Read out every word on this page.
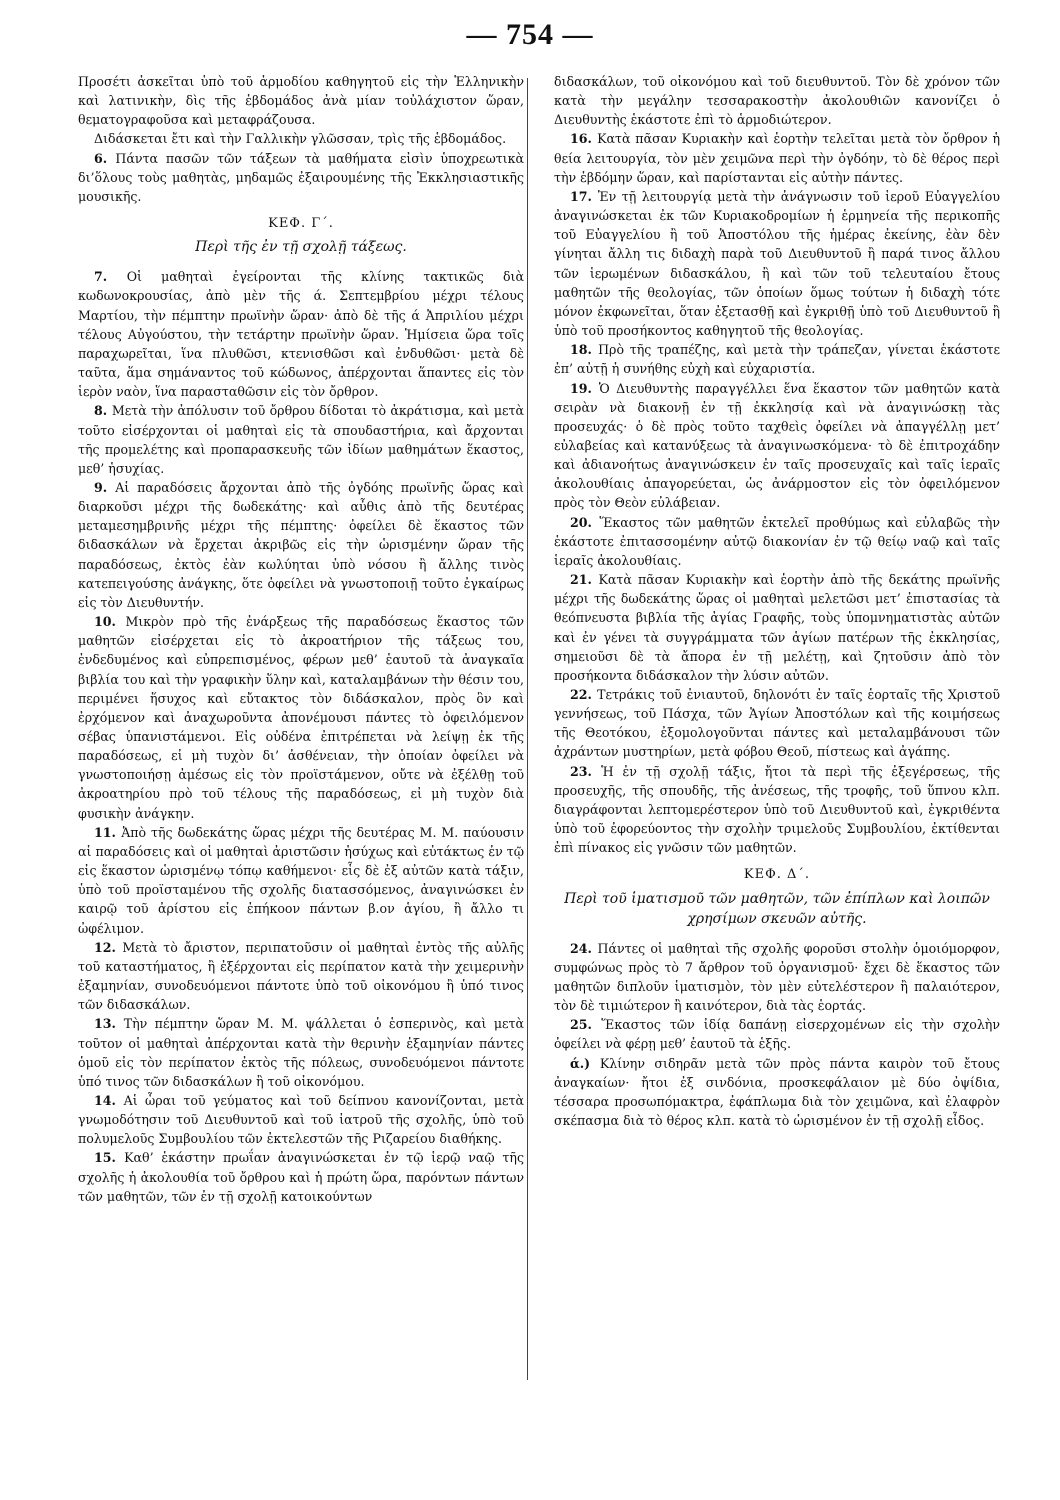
— 754 —

Προσέτι ἀσκεῖται ὑπὸ τοῦ ἁρμοδίου καθηγητοῦ εἰς τὴν Ἑλληνικὴν καὶ λατινικὴν, δὶς τῆς ἑβδομάδος ἀνὰ μίαν τοὐλάχιστον ὥραν, θεματογραφοῦσα καὶ μεταφράζουσα.

Διδάσκεται ἔτι καὶ τὴν Γαλλικὴν γλῶσσαν, τρὶς τῆς ἑβδομάδος.

6. Πάντα πασῶν τῶν τάξεων τὰ μαθήματα εἰσὶν ὑποχρεωτικὰ δι’ὅλους τοὺς μαθητὰς, μηδαμῶς ἐξαιρουμένης τῆς Ἐκκλησιαστικῆς μουσικῆς.

ΚΕΦ. Γ΄.
Περὶ τῆς ἐν τῇ σχολῇ τάξεως.

7. Οἱ μαθηταὶ ἐγείρονται τῆς κλίνης τακτικῶς διὰ κωδωνοκρουσίας, ἀπὸ μὲν τῆς ά. Σεπτεμβρίου μέχρι τέλους Μαρτίου, τὴν πέμπτην πρωϊνὴν ὥραν· ἀπὸ δὲ τῆς ά Ἀπριλίου μέχρι τέλους Αὐγούστου, τὴν τετάρτην πρωϊνὴν ὥραν. Ἡμίσεια ὥρα τοῖς παραχωρεῖται, ἵνα πλυθῶσι, κτενισθῶσι καὶ ἐνδυθῶσι· μετὰ δὲ ταῦτα, ἅμα σημάναντος τοῦ κώδωνος, ἀπέρχονται ἅπαντες εἰς τὸν ἱερὸν ναὸν, ἵνα παρασταθῶσιν εἰς τὸν ὄρθρον.

8. Μετὰ τὴν ἀπόλυσιν τοῦ ὄρθρου δίδοται τὸ ἀκράτισμα, καὶ μετὰ τοῦτο εἰσέρχονται οἱ μαθηταὶ εἰς τὰ σπουδαστήρια, καὶ ἄρχονται τῆς προμελέτης καὶ προπαρασκευῆς τῶν ἰδίων μαθημάτων ἕκαστος, μεθ’ ἡσυχίας.

9. Αἱ παραδόσεις ἄρχονται ἀπὸ τῆς ὀγδόης πρωϊνῆς ὥρας καὶ διαρκοῦσι μέχρι τῆς δωδεκάτης· καὶ αὖθις ἀπὸ τῆς δευτέρας μεταμεσημβρινῆς μέχρι τῆς πέμπτης· ὀφείλει δὲ ἕκαστος τῶν διδασκάλων νὰ ἔρχεται ἀκριβῶς εἰς τὴν ὡρισμένην ὥραν τῆς παραδόσεως, ἐκτὸς ἐὰν κωλύηται ὑπὸ νόσου ἢ ἄλλης τινὸς κατεπειγούσης ἀνάγκης, ὅτε ὀφείλει νὰ γνωστοποιῇ τοῦτο ἐγκαίρως εἰς τὸν Διευθυντήν.

10. Μικρὸν πρὸ τῆς ἐνάρξεως τῆς παραδόσεως ἕκαστος τῶν μαθητῶν εἰσέρχεται εἰς τὸ ἀκροατήριον τῆς τάξεως του, ἐνδεδυμένος καὶ εὐπρεπισμένος, φέρων μεθ’ ἑαυτοῦ τὰ ἀναγκαῖα βιβλία του καὶ τὴν γραφικὴν ὕλην καὶ, καταλαμβάνων τὴν θέσιν του, περιμένει ἥσυχος καὶ εὔτακτος τὸν διδάσκαλον, πρὸς ὃν καὶ ἐρχόμενον καὶ ἀναχωροῦντα ἀπονέμουσι πάντες τὸ ὀφειλόμενον σέβας ὑπανιστάμενοι. Εἰς οὐδένα ἐπιτρέπεται νὰ λείψῃ ἐκ τῆς παραδόσεως, εἰ μὴ τυχὸν δι’ ἀσθένειαν, τὴν ὁποίαν ὀφείλει νὰ γνωστοποιήσῃ ἀμέσως εἰς τὸν προϊστάμενον, οὔτε νὰ ἐξέλθῃ τοῦ ἀκροατηρίου πρὸ τοῦ τέλους τῆς παραδόσεως, εἰ μὴ τυχὸν διὰ φυσικὴν ἀνάγκην.

11. Ἀπὸ τῆς δωδεκάτης ὥρας μέχρι τῆς δευτέρας Μ. Μ. παύουσιν αἱ παραδόσεις καὶ οἱ μαθηταὶ ἀριστῶσιν ἡσύχως καὶ εὐτάκτως ἐν τῷ εἰς ἕκαστον ὡρισμένῳ τόπῳ καθήμενοι· εἷς δὲ ἐξ αὐτῶν κατὰ τάξιν, ὑπὸ τοῦ προϊσταμένου τῆς σχολῆς διατασσόμενος, ἀναγινώσκει ἐν καιρῷ τοῦ ἀρίστου εἰς ἐπήκοον πάντων β.ον ἁγίου, ἢ ἄλλο τι ὠφέλιμον.

12. Μετὰ τὸ ἄριστον, περιπατοῦσιν οἱ μαθηταὶ ἐντὸς τῆς αὐλῆς τοῦ καταστήματος, ἢ ἐξέρχονται εἰς περίπατον κατὰ τὴν χειμερινὴν ἐξαμηνίαν, συνοδευόμενοι πάντοτε ὑπὸ τοῦ οἰκονόμου ἢ ὑπό τινος τῶν διδασκάλων.

13. Τὴν πέμπτην ὥραν Μ. Μ. ψάλλεται ὁ ἑσπερινὸς, καὶ μετὰ τοῦτον οἱ μαθηταὶ ἀπέρχονται κατὰ τὴν θερινὴν ἑξαμηνίαν πάντες ὁμοῦ εἰς τὸν περίπατον ἐκτὸς τῆς πόλεως, συνοδευόμενοι πάντοτε ὑπό τινος τῶν διδασκάλων ἢ τοῦ οἰκονόμου.

14. Αἱ ὧραι τοῦ γεύματος καὶ τοῦ δείπνου κανονίζονται, μετὰ γνωμοδότησιν τοῦ Διευθυντοῦ καὶ τοῦ ἰατροῦ τῆς σχολῆς, ὑπὸ τοῦ πολυμελοῦς Συμβουλίου τῶν ἐκτελεστῶν τῆς Ριζαρείου διαθήκης.

15. Καθ’ ἑκάστην πρωΐαν ἀναγινώσκεται ἐν τῷ ἱερῷ ναῷ τῆς σχολῆς ἡ ἀκολουθία τοῦ ὄρθρου καὶ ἡ πρώτη ὥρα, παρόντων πάντων τῶν μαθητῶν, τῶν ἐν τῇ σχολῇ κατοικούντων

διδασκάλων, τοῦ οἰκονόμου καὶ τοῦ διευθυντοῦ. Τὸν δὲ χρόνον τῶν κατὰ τὴν μεγάλην τεσσαρακοστὴν ἀκολουθιῶν κανονίζει ὁ Διευθυντὴς ἑκάστοτε ἐπὶ τὸ ἁρμοδιώτερον.

16. Κατὰ πᾶσαν Κυριακὴν καὶ ἑορτὴν τελεῖται μετὰ τὸν ὄρθρον ἡ θεία λειτουργία, τὸν μὲν χειμῶνα περὶ τὴν ὀγδόην, τὸ δὲ θέρος περὶ τὴν ἑβδόμην ὥραν, καὶ παρίστανται εἰς αὐτὴν πάντες.

17. Ἐν τῇ λειτουργίᾳ μετὰ τὴν ἀνάγνωσιν τοῦ ἱεροῦ Εὐαγγελίου ἀναγινώσκεται ἐκ τῶν Κυριακοδρομίων ἡ ἑρμηνεία τῆς περικοπῆς τοῦ Εὐαγγελίου ἢ τοῦ Ἀποστόλου τῆς ἡμέρας ἐκείνης, ἐὰν δὲν γίνηται ἄλλη τις διδαχὴ παρὰ τοῦ Διευθυντοῦ ἢ παρά τινος ἄλλου τῶν ἱερωμένων διδασκάλου, ἢ καὶ τῶν τοῦ τελευταίου ἔτους μαθητῶν τῆς θεολογίας, τῶν ὁποίων ὅμως τούτων ἡ διδαχὴ τότε μόνον ἐκφωνεῖται, ὅταν ἐξετασθῇ καὶ ἐγκριθῇ ὑπὸ τοῦ Διευθυντοῦ ἢ ὑπὸ τοῦ προσήκοντος καθηγητοῦ τῆς θεολογίας.

18. Πρὸ τῆς τραπέζης, καὶ μετὰ τὴν τράπεζαν, γίνεται ἑκάστοτε ἐπ’ αὐτῇ ἡ συνήθης εὐχὴ καὶ εὐχαριστία.

19. Ὁ Διευθυντὴς παραγγέλλει ἕνα ἕκαστον τῶν μαθητῶν κατὰ σειρὰν νὰ διακονῇ ἐν τῇ ἐκκλησίᾳ καὶ νὰ ἀναγινώσκῃ τὰς προσευχάς· ὁ δὲ πρὸς τοῦτο ταχθεὶς ὀφείλει νὰ ἀπαγγέλλῃ μετ’ εὐλαβείας καὶ κατανύξεως τὰ ἀναγινωσκόμενα· τὸ δὲ ἐπιτροχάδην καὶ ἀδιανοήτως ἀναγινώσκειν ἐν ταῖς προσευχαῖς καὶ ταῖς ἱεραῖς ἀκολουθίαις ἀπαγορεύεται, ὡς ἀνάρμοστον εἰς τὸν ὀφειλόμενον πρὸς τὸν Θεὸν εὐλάβειαν.

20. Ἕκαστος τῶν μαθητῶν ἐκτελεῖ προθύμως καὶ εὐλαβῶς τὴν ἑκάστοτε ἐπιτασσομένην αὐτῷ διακονίαν ἐν τῷ θείῳ ναῷ καὶ ταῖς ἱεραῖς ἀκολουθίαις.

21. Κατὰ πᾶσαν Κυριακὴν καὶ ἑορτὴν ἀπὸ τῆς δεκάτης πρωϊνῆς μέχρι τῆς δωδεκάτης ὥρας οἱ μαθηταὶ μελετῶσι μετ’ ἐπιστασίας τὰ θεόπνευστα βιβλία τῆς ἁγίας Γραφῆς, τοὺς ὑπομνηματιστὰς αὐτῶν καὶ ἐν γένει τὰ συγγράμματα τῶν ἁγίων πατέρων τῆς ἐκκλησίας, σημειοῦσι δὲ τὰ ἄπορα ἐν τῇ μελέτῃ, καὶ ζητοῦσιν ἀπὸ τὸν προσήκοντα διδάσκαλον τὴν λύσιν αὐτῶν.

22. Τετράκις τοῦ ἐνιαυτοῦ, δηλονότι ἐν ταῖς ἑορταῖς τῆς Χριστοῦ γεννήσεως, τοῦ Πάσχα, τῶν Ἁγίων Ἀποστόλων καὶ τῆς κοιμήσεως τῆς Θεοτόκου, ἐξομολογοῦνται πάντες καὶ μεταλαμβάνουσι τῶν ἀχράντων μυστηρίων, μετὰ φόβου Θεοῦ, πίστεως καὶ ἀγάπης.

23. Ἡ ἐν τῇ σχολῇ τάξις, ἤτοι τὰ περὶ τῆς ἐξεγέρσεως, τῆς προσευχῆς, τῆς σπουδῆς, τῆς ἀνέσεως, τῆς τροφῆς, τοῦ ὕπνου κλπ. διαγράφονται λεπτομερέστερον ὑπὸ τοῦ Διευθυντοῦ καὶ, ἐγκριθέντα ὑπὸ τοῦ ἐφορεύοντος τὴν σχολὴν τριμελοῦς Συμβουλίου, ἐκτίθενται ἐπὶ πίνακος εἰς γνῶσιν τῶν μαθητῶν.

ΚΕΦ. Δ΄.
Περὶ τοῦ ἱματισμοῦ τῶν μαθητῶν, τῶν ἐπίπλων καὶ λοιπῶν χρησίμων σκευῶν αὐτῆς.

24. Πάντες οἱ μαθηταὶ τῆς σχολῆς φοροῦσι στολὴν ὁμοιόμορφον, συμφώνως πρὸς τὸ 7 ἄρθρον τοῦ ὀργανισμοῦ· ἔχει δὲ ἕκαστος τῶν μαθητῶν διπλοῦν ἱματισμὸν, τὸν μὲν εὐτελέστερον ἢ παλαιότερον, τὸν δὲ τιμιώτερον ἢ καινότερον, διὰ τὰς ἑορτάς.

25. Ἕκαστος τῶν ἰδίᾳ δαπάνῃ εἰσερχομένων εἰς τὴν σχολὴν ὀφείλει νὰ φέρῃ μεθ’ ἑαυτοῦ τὰ ἑξῆς.

ά.) Κλίνην σιδηρᾶν μετὰ τῶν πρὸς πάντα καιρὸν τοῦ ἔτους ἀναγκαίων· ἤτοι ἐξ σινδόνια, προσκεφάλαιον μὲ δύο ὀψίδια, τέσσαρα προσωπόμακτρα, ἐφάπλωμα διὰ τὸν χειμῶνα, καὶ ἐλαφρὸν σκέπασμα διὰ τὸ θέρος κλπ. κατὰ τὸ ὡρισμένον ἐν τῇ σχολῇ εἶδος.
